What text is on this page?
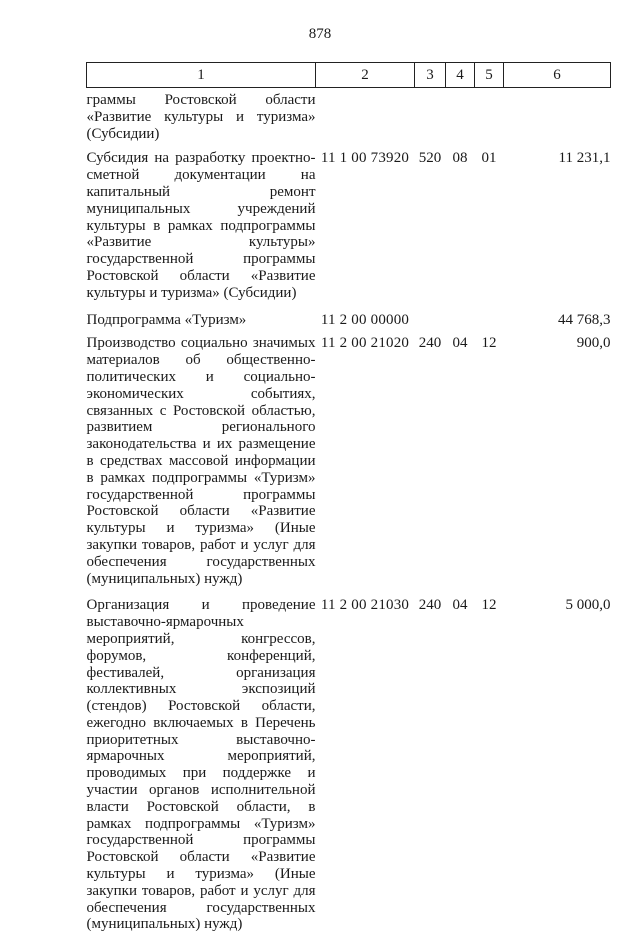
878
1	2	3	4	5	6
граммы Ростовской области «Развитие культуры и туризма» (Субсидии)					
Субсидия на разработку проектно-сметной документации на капитальный ремонт муниципальных учреждений культуры в рамках подпрограммы «Развитие культуры» государственной программы Ростовской области «Развитие культуры и туризма» (Субсидии)	11 1 00 73920	520	08	01	11 231,1
Подпрограмма «Туризм»	11 2 00 00000				44 768,3
Производство социально значимых материалов об общественно-политических и социально-экономических событиях, связанных с Ростовской областью, развитием регионального законодательства и их размещение в средствах массовой информации в рамках подпрограммы «Туризм» государственной программы Ростовской области «Развитие культуры и туризма» (Иные закупки товаров, работ и услуг для обеспечения государственных (муниципальных) нужд)	11 2 00 21020	240	04	12	900,0
Организация и проведение выставочно-ярмарочных мероприятий, конгрессов, форумов, конференций, фестивалей, организация коллективных экспозиций (стендов) Ростовской области, ежегодно включаемых в Перечень приоритетных выставочно-ярмарочных мероприятий, проводимых при поддержке и участии органов исполнительной власти Ростовской области, в рамках подпрограммы «Туризм» государственной программы Ростовской области «Развитие культуры и туризма» (Иные закупки товаров, работ и услуг для обеспечения государственных (муниципальных) нужд)	11 2 00 21030	240	04	12	5 000,0
